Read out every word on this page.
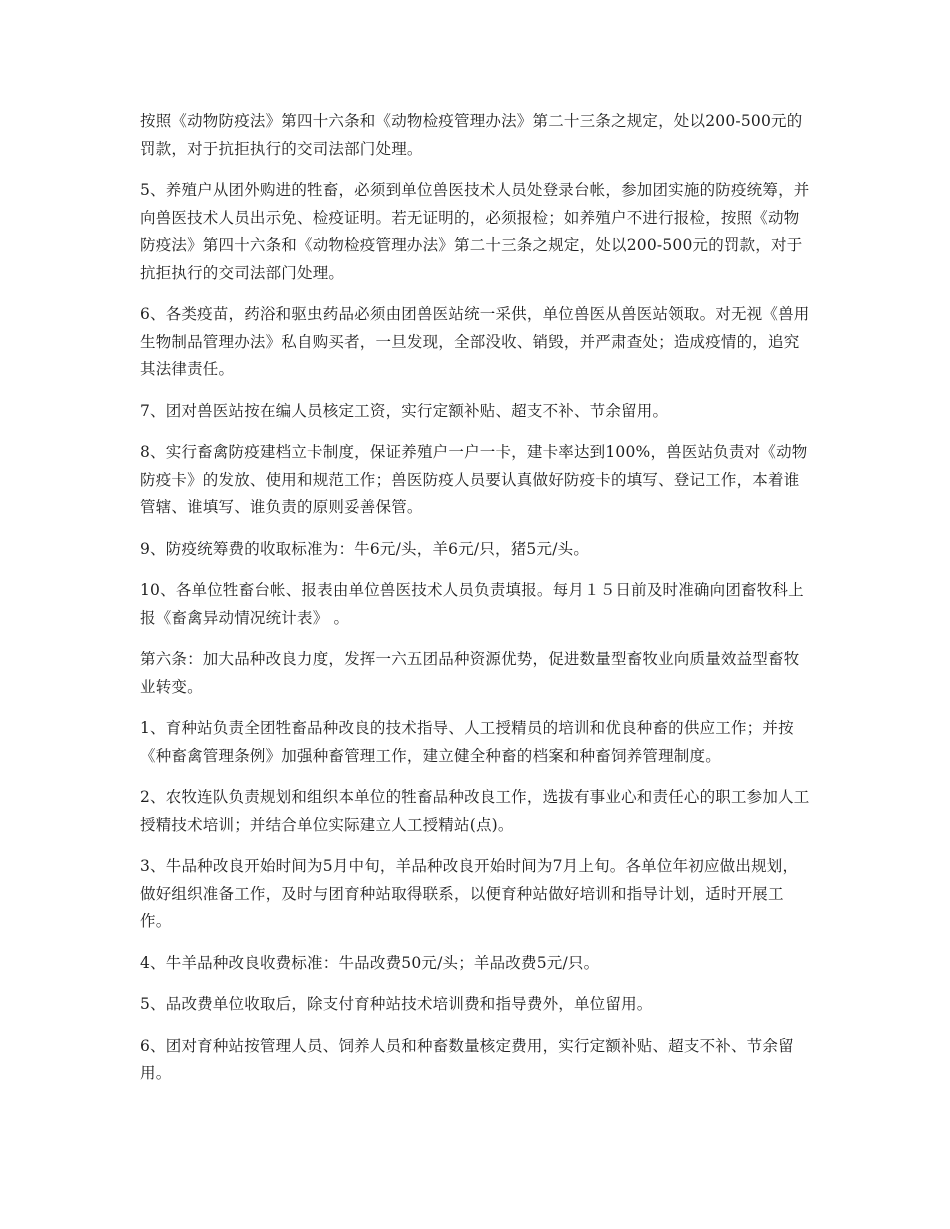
按照《动物防疫法》第四十六条和《动物检疫管理办法》第二十三条之规定，处以200-500元的罚款，对于抗拒执行的交司法部门处理。

5、养殖户从团外购进的牲畜，必须到单位兽医技术人员处登录台帐，参加团实施的防疫统筹，并向兽医技术人员出示免、检疫证明。若无证明的，必须报检；如养殖户不进行报检，按照《动物防疫法》第四十六条和《动物检疫管理办法》第二十三条之规定，处以200-500元的罚款，对于抗拒执行的交司法部门处理。

6、各类疫苗，药浴和驱虫药品必须由团兽医站统一采供，单位兽医从兽医站领取。对无视《兽用生物制品管理办法》私自购买者，一旦发现，全部没收、销毁，并严肃查处；造成疫情的，追究其法律责任。

7、团对兽医站按在编人员核定工资，实行定额补贴、超支不补、节余留用。

8、实行畜禽防疫建档立卡制度，保证养殖户一户一卡，建卡率达到100%，兽医站负责对《动物防疫卡》的发放、使用和规范工作；兽医防疫人员要认真做好防疫卡的填写、登记工作，本着谁管辖、谁填写、谁负责的原则妥善保管。

9、防疫统筹费的收取标准为：牛6元/头，羊6元/只，猪5元/头。

10、各单位牲畜台帐、报表由单位兽医技术人员负责填报。每月１５日前及时准确向团畜牧科上报《畜禽异动情况统计表》 。

第六条：加大品种改良力度，发挥一六五团品种资源优势，促进数量型畜牧业向质量效益型畜牧业转变。

1、育种站负责全团牲畜品种改良的技术指导、人工授精员的培训和优良种畜的供应工作；并按《种畜禽管理条例》加强种畜管理工作，建立健全种畜的档案和种畜饲养管理制度。

2、农牧连队负责规划和组织本单位的牲畜品种改良工作，选拔有事业心和责任心的职工参加人工授精技术培训；并结合单位实际建立人工授精站(点)。

3、牛品种改良开始时间为5月中旬，羊品种改良开始时间为7月上旬。各单位年初应做出规划，做好组织准备工作，及时与团育种站取得联系，以便育种站做好培训和指导计划，适时开展工作。

4、牛羊品种改良收费标准：牛品改费50元/头；羊品改费5元/只。

5、品改费单位收取后，除支付育种站技术培训费和指导费外，单位留用。

6、团对育种站按管理人员、饲养人员和种畜数量核定费用，实行定额补贴、超支不补、节余留用。
